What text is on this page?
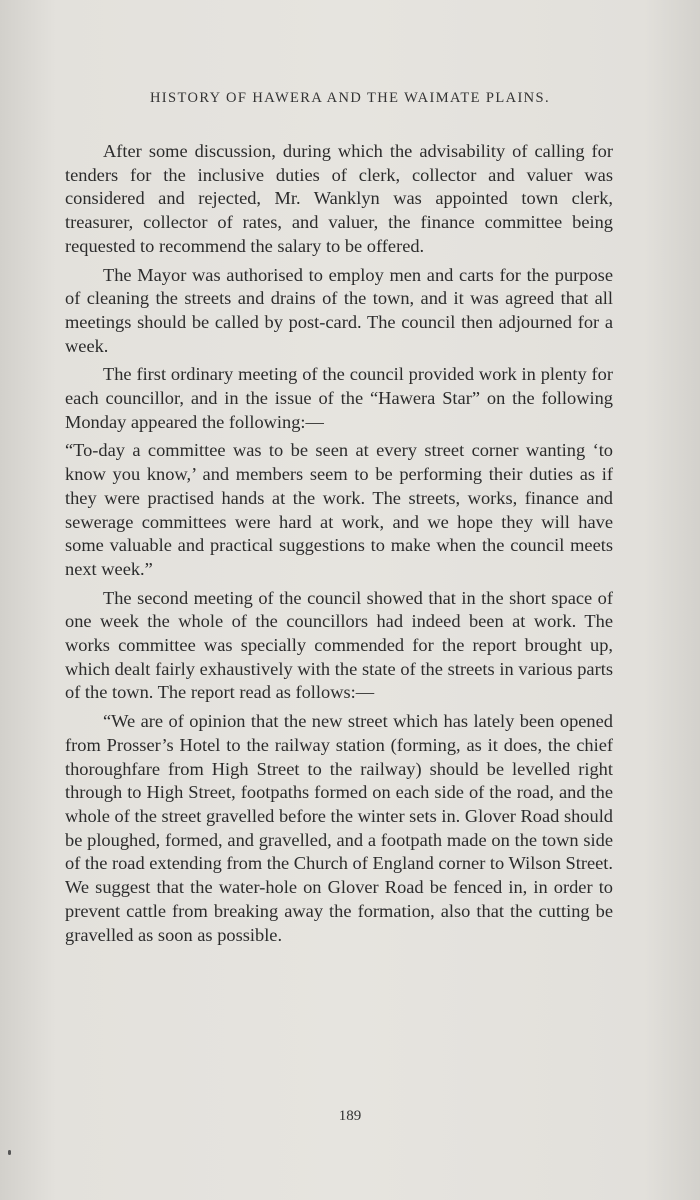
HISTORY OF HAWERA AND THE WAIMATE PLAINS.

After some discussion, during which the advisability of calling for tenders for the inclusive duties of clerk, collector and valuer was considered and rejected, Mr. Wanklyn was appointed town clerk, treasurer, collector of rates, and valuer, the finance committee being requested to recommend the salary to be offered.

The Mayor was authorised to employ men and carts for the purpose of cleaning the streets and drains of the town, and it was agreed that all meetings should be called by post-card. The council then adjourned for a week.

The first ordinary meeting of the council provided work in plenty for each councillor, and in the issue of the “Hawera Star” on the following Monday appeared the following:—

“To-day a committee was to be seen at every street corner wanting ‘to know you know,’ and members seem to be performing their duties as if they were practised hands at the work. The streets, works, finance and sewerage committees were hard at work, and we hope they will have some valuable and practical suggestions to make when the council meets next week.”

The second meeting of the council showed that in the short space of one week the whole of the councillors had indeed been at work. The works committee was specially commended for the report brought up, which dealt fairly exhaustively with the state of the streets in various parts of the town. The report read as follows:—

“We are of opinion that the new street which has lately been opened from Prosser’s Hotel to the railway station (forming, as it does, the chief thoroughfare from High Street to the railway) should be levelled right through to High Street, footpaths formed on each side of the road, and the whole of the street gravelled before the winter sets in. Glover Road should be ploughed, formed, and gravelled, and a footpath made on the town side of the road extending from the Church of England corner to Wilson Street. We suggest that the water-hole on Glover Road be fenced in, in order to prevent cattle from breaking away the formation, also that the cutting be gravelled as soon as possible.

189
